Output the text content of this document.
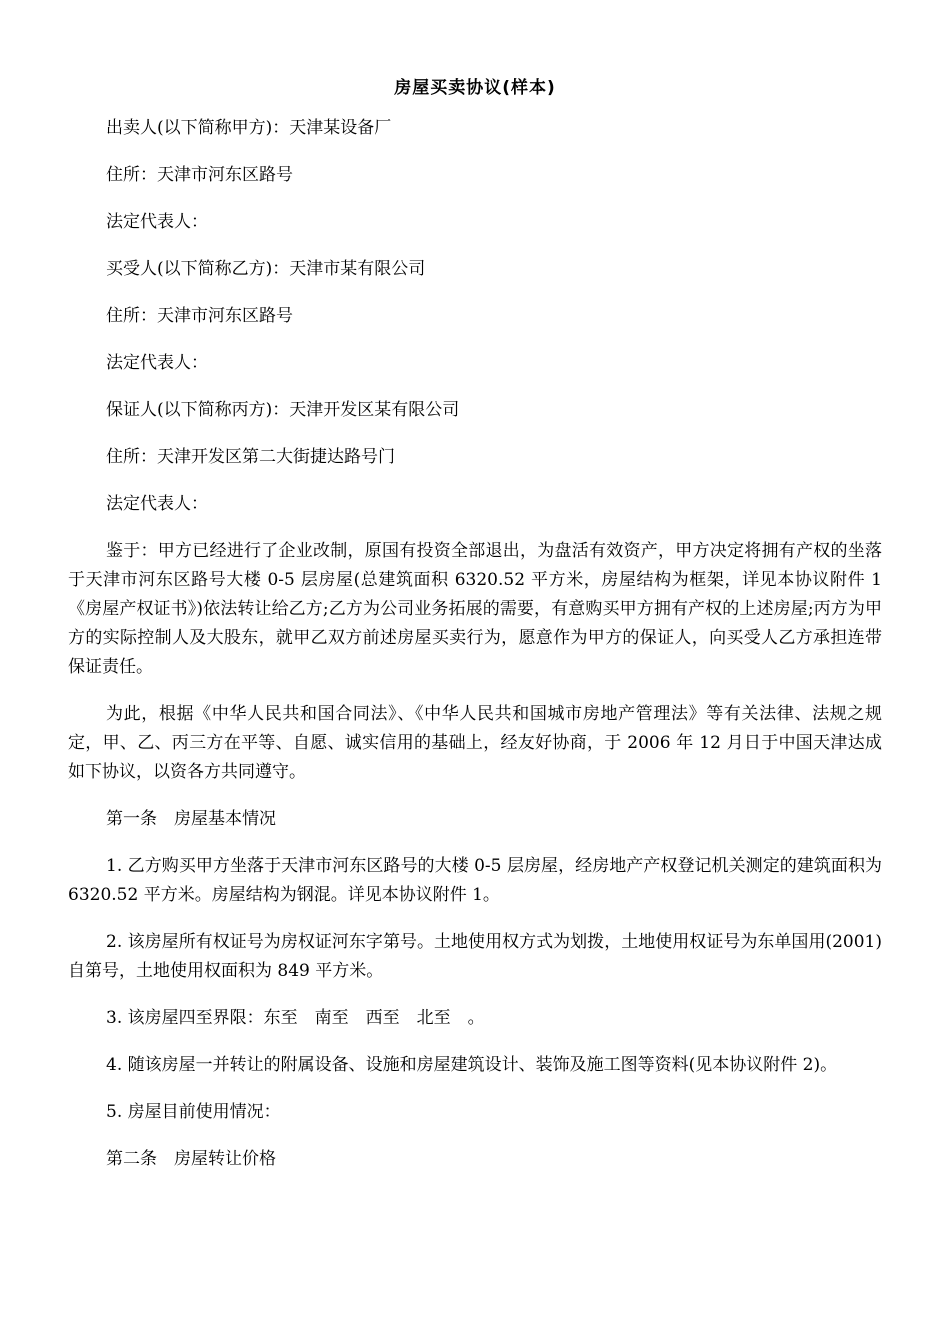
房屋买卖协议(样本)

出卖人(以下简称甲方)：天津某设备厂

住所：天津市河东区路号

法定代表人：

买受人(以下简称乙方)：天津市某有限公司

住所：天津市河东区路号

法定代表人：

保证人(以下简称丙方)：天津开发区某有限公司

住所：天津开发区第二大街捷达路号门

法定代表人：

鉴于：甲方已经进行了企业改制，原国有投资全部退出，为盘活有效资产，甲方决定将拥有产权的坐落于天津市河东区路号大楼 0-5 层房屋(总建筑面积 6320.52 平方米，房屋结构为框架，详见本协议附件 1《房屋产权证书》)依法转让给乙方;乙方为公司业务拓展的需要，有意购买甲方拥有产权的上述房屋;丙方为甲方的实际控制人及大股东，就甲乙双方前述房屋买卖行为，愿意作为甲方的保证人，向买受人乙方承担连带保证责任。

为此，根据《中华人民共和国合同法》、《中华人民共和国城市房地产管理法》等有关法律、法规之规定，甲、乙、丙三方在平等、自愿、诚实信用的基础上，经友好协商，于 2006 年 12 月日于中国天津达成如下协议，以资各方共同遵守。

第一条　房屋基本情况

1. 乙方购买甲方坐落于天津市河东区路号的大楼 0-5 层房屋，经房地产产权登记机关测定的建筑面积为 6320.52 平方米。房屋结构为钢混。详见本协议附件 1。

2. 该房屋所有权证号为房权证河东字第号。土地使用权方式为划拨，土地使用权证号为东单国用(2001)自第号，土地使用权面积为 849 平方米。

3. 该房屋四至界限：东至　南至　西至　北至　。

4. 随该房屋一并转让的附属设备、设施和房屋建筑设计、装饰及施工图等资料(见本协议附件 2)。

5. 房屋目前使用情况：

第二条　房屋转让价格
